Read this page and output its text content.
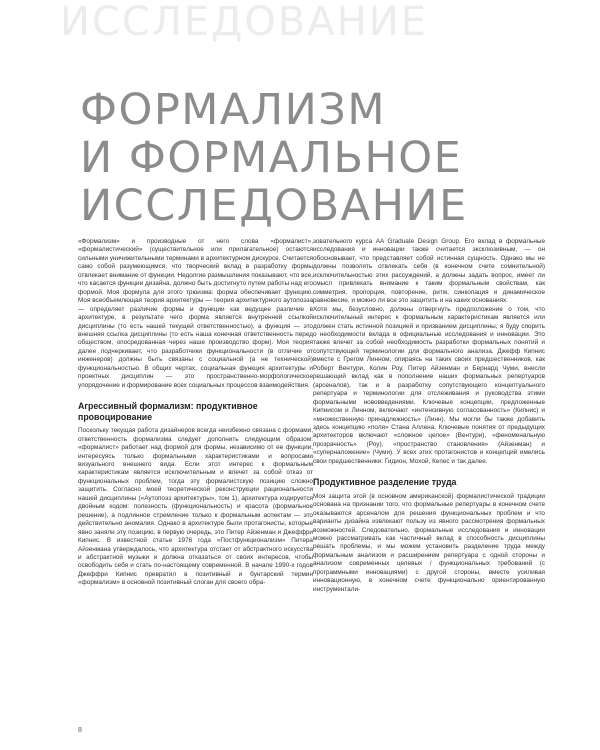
ИССЛЕДОВАНИЕ
ФОРМАЛИЗМ
И ФОРМАЛЬНОЕ
ИССЛЕДОВАНИЕ

«Формализм» и производные от него слова «формалист», «формалистический» (существительное или прилагательное) остаются сильными уничижительными терминами в архитектурном дискурсе. Считается само собой разумеющимся, что творческий вклад в разработку формы отвлекает внимание от функции. Недолгие размышления показывают, что все, что касается функции дизайна, должно быть достигнуто путем работы над его формой. Моя формула для этого трюизма: форма обеспечивает функцию. Моя всеобъемлющая теория архитектуры — теория архитектурного аутопоэза — определяет различие формы и функции как ведущее различие в архитектуре, в результате чего форма является внутренней ссылкой дисциплины (то есть нашей текущей ответственностью), а функция — это внешняя ссылка дисциплины (то есть наша конечная ответственность перед обществом, опосредованная через наше производство форм). Моя теория далее подчеркивает, что разработчики функциональности (в отличие от инженеров) должны быть связаны с социальной (а не технической) функциональностью. В общих чертах, социальная функция архитектуры и проектных дисциплин — это пространственно-морфологическое упорядочение и формирование всех социальных процессов взаимодействия.

Агрессивный формализм: продуктивное провоцирование

Поскольку текущая работа дизайнеров всегда неизбежно связана с формами, ответственность формализма следует дополнить следующим образом: «формалист» работает над формой для формы, независимо от ее функции, интересуясь только формальными характеристиками и вопросами визуального внешнего вида. Если этот интерес к формальным характеристикам является исключительным и влечет за собой отказ от функциональных проблем, тогда эту формалистскую позицию сложно защитить. Согласно моей теоретической реконструкции рациональности нашей дисциплины («Аутопоэз архитектуры», том 1), архитектура кодируется двойным кодом: полезность (функциональность) и красота (формальное решение), а подлинное стремление только к формальным аспектам — это действительно аномалия. Однако в архитектуре были протагонисты, которые явно заняли эту позицию, в первую очередь, это Питер Айзенман и Джеффри Кипнис. В известной статье 1976 года «Постфункционализм» Питера Айзенмана утверждалось, что архитектура отстает от абстрактного искусства и абстрактной музыки и должна отказаться от своих интересов, чтобы освободить себя и стать по-настоящему современной. В начале 1990-х годов Джеффри Кипнис превратил в позитивный и бунтарский термин «формализм» в основной позитивный слоган для своего обра-

зовательного курса AA Graduate Design Group. Его вклад в формальные исследования и инновации также считается эксклюзивным, — он обосновывает, что представляет собой истинная сущность. Однако мы не должны позволять отвлекать себя (в конечном счете сомнительной) исключительностью этих рассуждений, а должны задать вопрос, имеет ли смысл привлекать внимание к таким формальным свойствам, как симметрия, пропорция, повторение, ритм, синкопация и динамическое равновесие, и можно ли все это защитить и на каких основаниях.

Хотя мы, безусловно, должны отвергнуть предположение о том, что исключительный интерес к формальным характеристикам является или должен стать истинной позицией и призванием дисциплины, я буду спорить о необходимости вклада в официальные исследования и инновации. Это также влечет за собой необходимость разработки формальных понятий и сопутствующей терминологии для формального анализа. Джефф Кипнис вместе с Грегом Линном, опираясь на таких своих предшественников, как Роберт Вентури, Колин Роу, Питер Айзенман и Бернард Чуми, внесли решающий вклад как в пополнение наших формальных репертуаров (арсеналов), так и в разработку сопутствующего концептуального репертуара и терминологии для отслеживания и руководства этими формальными нововведениями. Ключевые концепции, предложенные Кипнисом и Линном, включают «интенсивную согласованность» (Кипнис) и «множественную принадлежность» (Линн). Мы могли бы также добавить здесь концепцию «поля» Стана Аллена. Ключевые понятия от предыдущих архитекторов включают «сложное целое» (Вентури), «феноменальную прозрачность» (Роу), «пространство становления» (Айзенман) и «суперналожение» (Чуми). У всех этих протагонистов и концепций имелись свои предшественники: Гидион, Мохой, Кепес и так далее.

Продуктивное разделение труда

Моя защита этой (в основном американской) формалистической традиции основана на признании того, что формальные репертуары в конечном счете оказываются арсеналом для решения функциональных проблем и что варианты дизайна извлекают пользу из явного рассмотрения формальных возможностей. Следовательно, формальные исследования и инновации можно рассматривать как частичный вклад в способность дисциплины решать проблемы, и мы можем установить разделение труда между формальным анализом и расширением репертуара с одной стороны и анализом современных целевых / функциональных требований (с программными инновациями) с другой стороны, вместе усиливая инновационную, в конечном счете функционально ориентированную инструментали-

8
